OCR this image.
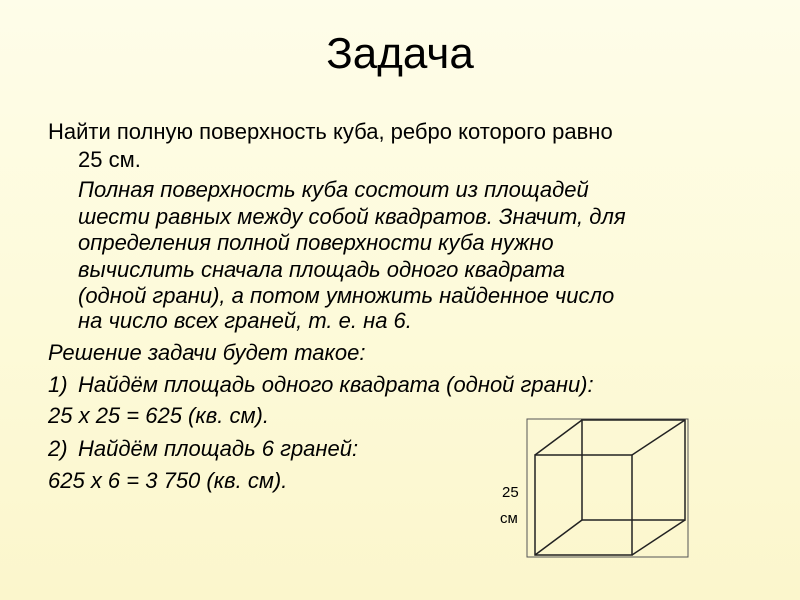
Задача
Найти полную поверхность куба, ребро которого равно
25 см.
Полная поверхность куба состоит из площадей
шести равных между собой квадратов. Значит, для
определения полной поверхности куба нужно
вычислить сначала площадь одного квадрата
(одной грани), а потом умножить найденное число
на число всех граней, т. е. на 6.
Решение задачи будет такое:
1) Найдём площадь одного квадрата (одной грани):
25 х 25 = 625 (кв. см).
2) Найдём площадь 6 граней:
625 х 6 = 3 750 (кв. см).	25
см
